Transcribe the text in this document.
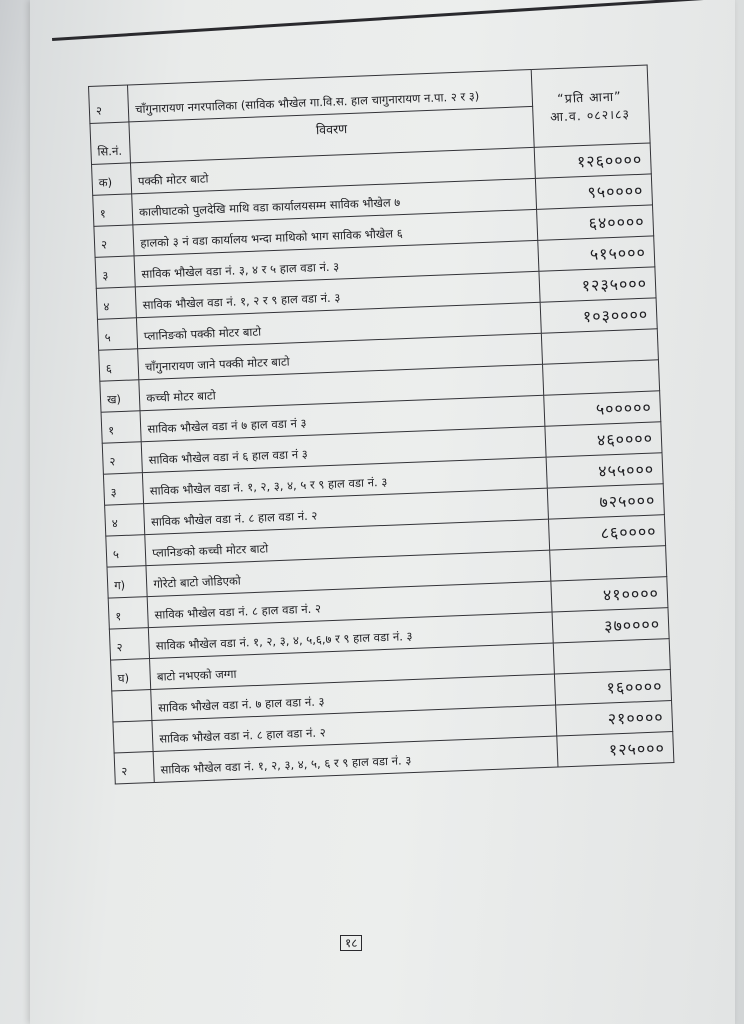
२	चाँगुनारायण नगरपालिका (साविक भौखेल गा.वि.स. हाल चागुनारायण न.पा. २ र ३)	“प्रति आना”
आ.व. ०८२।८३

सि.नं.	विवरण	
क)	पक्की मोटर बाटो	१२६००००
१	कालीघाटको पुलदेखि माथि वडा कार्यालयसम्म साविक भौखेल ७	९५००००
२	हालको ३ नं वडा कार्यालय भन्दा माथिको भाग साविक भौखेल ६	६४००००
३	साविक भौखेल वडा नं. ३, ४ र ५ हाल वडा नं. ३	५१५०००
४	साविक भौखेल वडा नं. १, २ र ९ हाल वडा नं. ३	१२३५०००
५	प्लानिङको पक्की मोटर बाटो	१०३००००
६	चाँगुनारायण जाने पक्की मोटर बाटो	
ख)	कच्ची मोटर बाटो	
१	साविक भौखेल वडा नं ७ हाल वडा नं ३	५०००००
२	साविक भौखेल वडा नं ६ हाल वडा नं ३	४६००००
३	साविक भौखेल वडा नं. १, २, ३, ४, ५ र ९ हाल वडा नं. ३	४५५०००
४	साविक भौखेल वडा नं. ८ हाल वडा नं. २	७२५०००
५	प्लानिङको कच्ची मोटर बाटो	८६००००
ग)	गोरेटो बाटो जोडिएको	
१	साविक भौखेल वडा नं. ८ हाल वडा नं. २	४१००००
२	साविक भौखेल वडा नं. १, २, ३, ४, ५,६,७ र ९ हाल वडा नं. ३	३७००००
घ)	बाटो नभएको जग्गा	
	साविक भौखेल वडा नं. ७ हाल वडा नं. ३	१६००००
	साविक भौखेल वडा नं. ८ हाल वडा नं. २	२१००००
२	साविक भौखेल वडा नं. १, २, ३, ४, ५, ६ र ९ हाल वडा नं. ३	१२५०००
१८
